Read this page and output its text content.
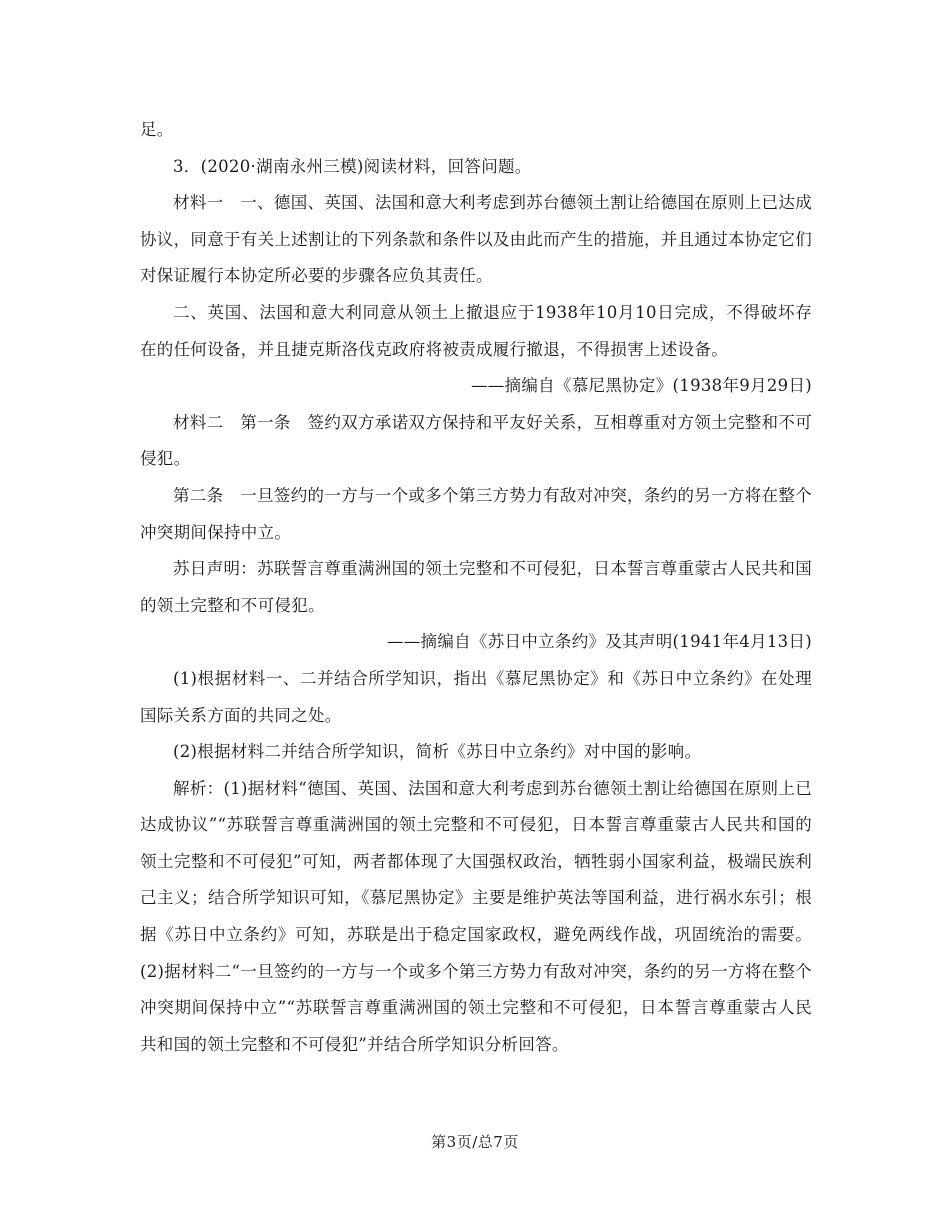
足。

3．(2020·湖南永州三模)阅读材料，回答问题。

材料一　一、德国、英国、法国和意大利考虑到苏台德领土割让给德国在原则上已达成协议，同意于有关上述割让的下列条款和条件以及由此而产生的措施，并且通过本协定它们对保证履行本协定所必要的步骤各应负其责任。

二、英国、法国和意大利同意从领土上撤退应于1938年10月10日完成，不得破坏存在的任何设备，并且捷克斯洛伐克政府将被责成履行撤退，不得损害上述设备。

——摘编自《慕尼黑协定》(1938年9月29日)

材料二　第一条　签约双方承诺双方保持和平友好关系，互相尊重对方领土完整和不可侵犯。

第二条　一旦签约的一方与一个或多个第三方势力有敌对冲突，条约的另一方将在整个冲突期间保持中立。

苏日声明：苏联誓言尊重满洲国的领土完整和不可侵犯，日本誓言尊重蒙古人民共和国的领土完整和不可侵犯。

——摘编自《苏日中立条约》及其声明(1941年4月13日)

(1)根据材料一、二并结合所学知识，指出《慕尼黑协定》和《苏日中立条约》在处理国际关系方面的共同之处。

(2)根据材料二并结合所学知识，简析《苏日中立条约》对中国的影响。

解析：(1)据材料“德国、英国、法国和意大利考虑到苏台德领土割让给德国在原则上已达成协议”“苏联誓言尊重满洲国的领土完整和不可侵犯，日本誓言尊重蒙古人民共和国的领土完整和不可侵犯”可知，两者都体现了大国强权政治，牺牲弱小国家利益，极端民族利己主义；结合所学知识可知，《慕尼黑协定》主要是维护英法等国利益，进行祸水东引；根据《苏日中立条约》可知，苏联是出于稳定国家政权，避免两线作战，巩固统治的需要。(2)据材料二“一旦签约的一方与一个或多个第三方势力有敌对冲突，条约的另一方将在整个冲突期间保持中立”“苏联誓言尊重满洲国的领土完整和不可侵犯，日本誓言尊重蒙古人民共和国的领土完整和不可侵犯”并结合所学知识分析回答。

第3页/总7页
